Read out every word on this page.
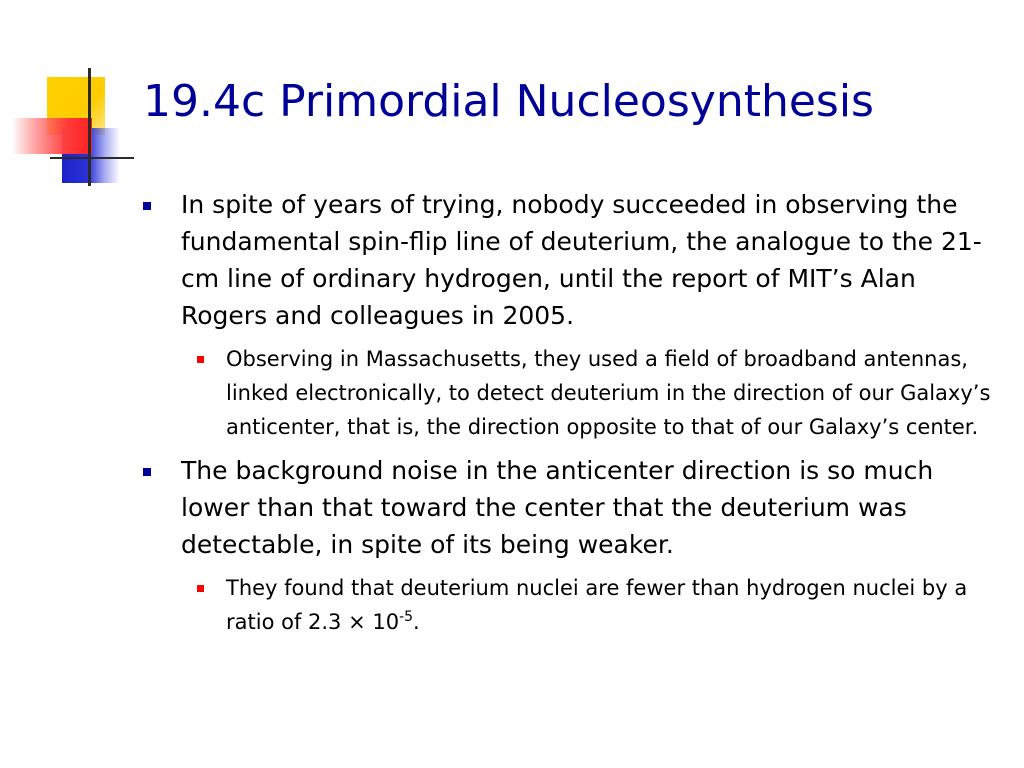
19.4c Primordial Nucleosynthesis
In spite of years of trying, nobody succeeded in observing the fundamental spin-flip line of deuterium, the analogue to the 21-cm line of ordinary hydrogen, until the report of MIT’s Alan Rogers and colleagues in 2005.
Observing in Massachusetts, they used a field of broadband antennas, linked electronically, to detect deuterium in the direction of our Galaxy’s anticenter, that is, the direction opposite to that of our Galaxy’s center.
The background noise in the anticenter direction is so much lower than that toward the center that the deuterium was detectable, in spite of its being weaker.
They found that deuterium nuclei are fewer than hydrogen nuclei by a ratio of $2.3 \times 10^{-5}$.
